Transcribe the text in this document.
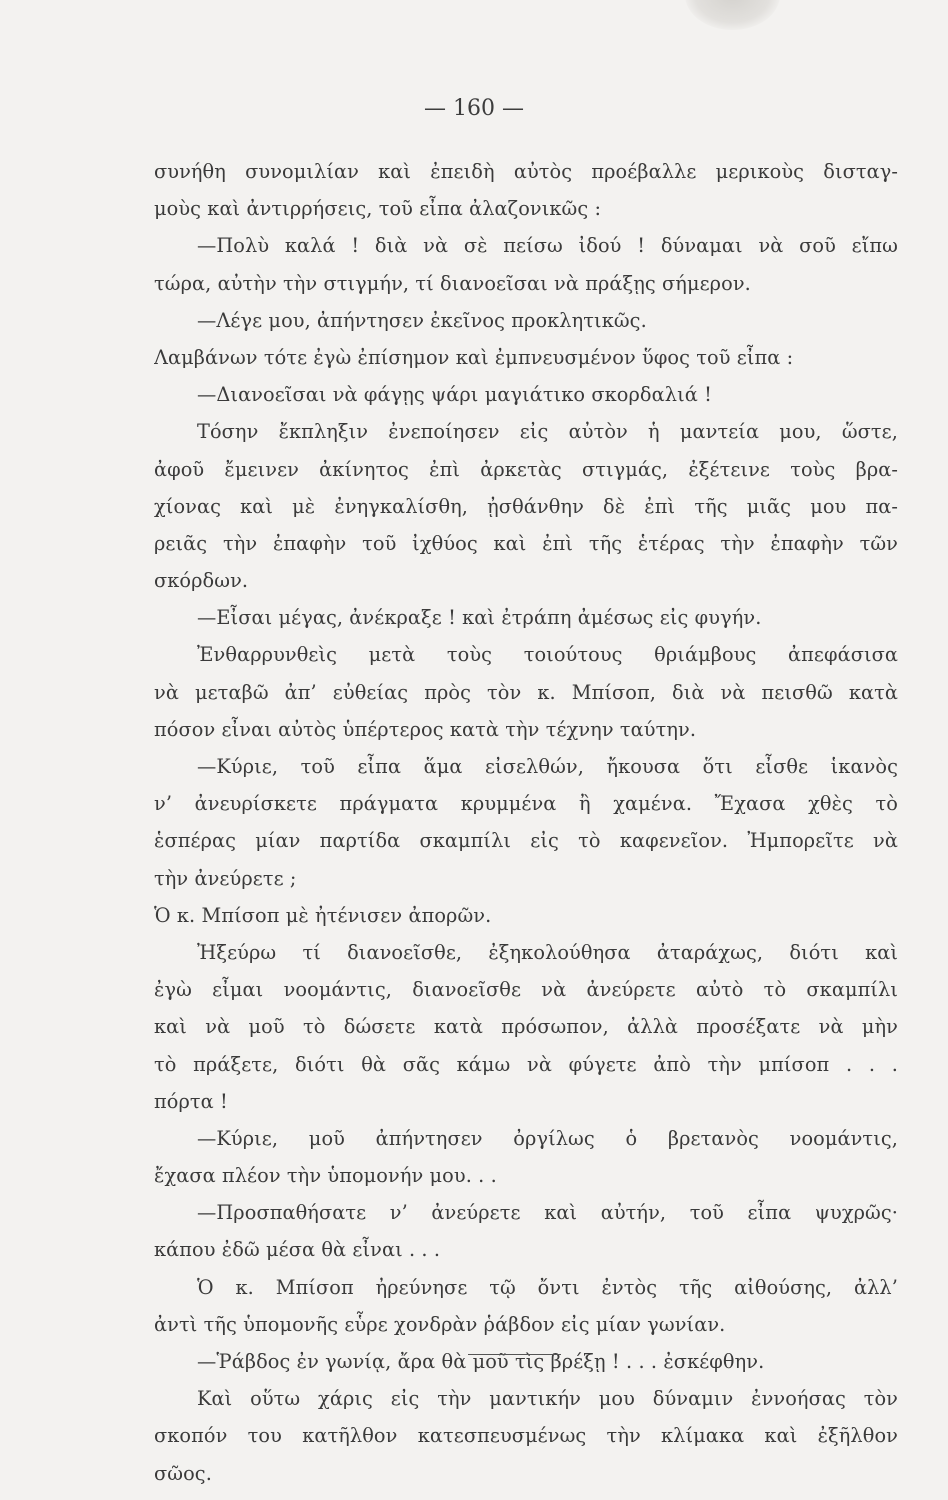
— 160 —
συνήθη συνομιλίαν καὶ ἐπειδὴ αὐτὸς προέβαλλε μερικοὺς δισταγ-
μοὺς καὶ ἀντιρρήσεις, τοῦ εἶπα ἀλαζονικῶς :
—Πολὺ καλά ! διὰ νὰ σὲ πείσω ἰδού ! δύναμαι νὰ σοῦ εἴπω
τώρα, αὐτὴν τὴν στιγμήν, τί διανοεῖσαι νὰ πράξῃς σήμερον.
—Λέγε μου, ἀπήντησεν ἐκεῖνος προκλητικῶς.
Λαμβάνων τότε ἐγὼ ἐπίσημον καὶ ἐμπνευσμένον ὕφος τοῦ εἶπα :
—Διανοεῖσαι νὰ φάγῃς ψάρι μαγιάτικο σκορδαλιά !
Τόσην ἔκπληξιν ἐνεποίησεν εἰς αὐτὸν ἡ μαντεία μου, ὥστε,
ἀφοῦ ἔμεινεν ἀκίνητος ἐπὶ ἀρκετὰς στιγμάς, ἐξέτεινε τοὺς βρα-
χίονας καὶ μὲ ἐνηγκαλίσθη, ᾐσθάνθην δὲ ἐπὶ τῆς μιᾶς μου πα-
ρειᾶς τὴν ἐπαφὴν τοῦ ἰχθύος καὶ ἐπὶ τῆς ἑτέρας τὴν ἐπαφὴν τῶν
σκόρδων.
—Εἶσαι μέγας, ἀνέκραξε ! καὶ ἐτράπη ἀμέσως εἰς φυγήν.
Ἐνθαρρυνθεὶς μετὰ τοὺς τοιούτους θριάμβους ἀπεφάσισα
νὰ μεταβῶ ἀπ’ εὐθείας πρὸς τὸν κ. Μπίσοπ, διὰ νὰ πεισθῶ κατὰ
πόσον εἶναι αὐτὸς ὑπέρτερος κατὰ τὴν τέχνην ταύτην.
—Κύριε, τοῦ εἶπα ἅμα εἰσελθών, ἤκουσα ὅτι εἶσθε ἱκανὸς
ν’ ἀνευρίσκετε πράγματα κρυμμένα ἢ χαμένα. Ἔχασα χθὲς τὸ
ἑσπέρας μίαν παρτίδα σκαμπίλι εἰς τὸ καφενεῖον. Ἠμπορεῖτε νὰ
τὴν ἀνεύρετε ;
Ὁ κ. Μπίσοπ μὲ ἠτένισεν ἀπορῶν.
Ἠξεύρω τί διανοεῖσθε, ἐξηκολούθησα ἀταράχως, διότι καὶ
ἐγὼ εἶμαι νοομάντις, διανοεῖσθε νὰ ἀνεύρετε αὐτὸ τὸ σκαμπίλι
καὶ νὰ μοῦ τὸ δώσετε κατὰ πρόσωπον, ἀλλὰ προσέξατε νὰ μὴν
τὸ πράξετε, διότι θὰ σᾶς κάμω νὰ φύγετε ἀπὸ τὴν μπίσοπ . . .
πόρτα !
—Κύριε, μοῦ ἀπήντησεν ὀργίλως ὁ βρετανὸς νοομάντις,
ἔχασα πλέον τὴν ὑπομονήν μου. . .
—Προσπαθήσατε ν’ ἀνεύρετε καὶ αὐτήν, τοῦ εἶπα ψυχρῶς·
κάπου ἐδῶ μέσα θὰ εἶναι . . .
Ὁ κ. Μπίσοπ ἠρεύνησε τῷ ὄντι ἐντὸς τῆς αἰθούσης, ἀλλ’
ἀντὶ τῆς ὑπομονῆς εὗρε χονδρὰν ῥάβδον εἰς μίαν γωνίαν.
—Ῥάβδος ἐν γωνίᾳ, ἄρα θὰ μοῦ τὶς βρέξῃ ! . . . ἐσκέφθην.
Καὶ οὕτω χάρις εἰς τὴν μαντικήν μου δύναμιν ἐννοήσας τὸν
σκοπόν του κατῆλθον κατεσπευσμένως τὴν κλίμακα καὶ ἐξῆλθον
σῶος.
